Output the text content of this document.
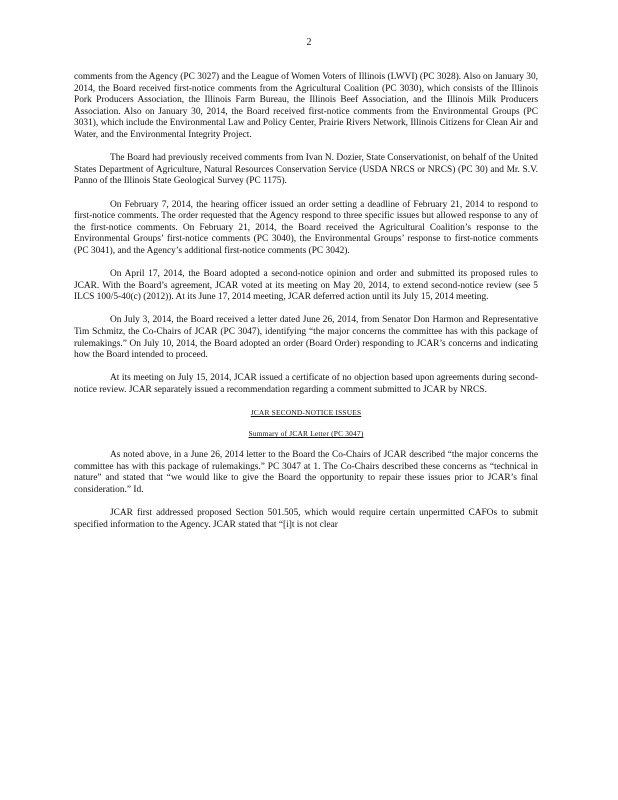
2

comments from the Agency (PC 3027) and the League of Women Voters of Illinois (LWVI) (PC 3028). Also on January 30, 2014, the Board received first-notice comments from the Agricultural Coalition (PC 3030), which consists of the Illinois Pork Producers Association, the Illinois Farm Bureau, the Illinois Beef Association, and the Illinois Milk Producers Association. Also on January 30, 2014, the Board received first-notice comments from the Environmental Groups (PC 3031), which include the Environmental Law and Policy Center, Prairie Rivers Network, Illinois Citizens for Clean Air and Water, and the Environmental Integrity Project.

The Board had previously received comments from Ivan N. Dozier, State Conservationist, on behalf of the United States Department of Agriculture, Natural Resources Conservation Service (USDA NRCS or NRCS) (PC 30) and Mr. S.V. Panno of the Illinois State Geological Survey (PC 1175).

On February 7, 2014, the hearing officer issued an order setting a deadline of February 21, 2014 to respond to first-notice comments. The order requested that the Agency respond to three specific issues but allowed response to any of the first-notice comments. On February 21, 2014, the Board received the Agricultural Coalition’s response to the Environmental Groups’ first-notice comments (PC 3040), the Environmental Groups’ response to first-notice comments (PC 3041), and the Agency’s additional first-notice comments (PC 3042).

On April 17, 2014, the Board adopted a second-notice opinion and order and submitted its proposed rules to JCAR. With the Board’s agreement, JCAR voted at its meeting on May 20, 2014, to extend second-notice review (see 5 ILCS 100/5-40(c) (2012)). At its June 17, 2014 meeting, JCAR deferred action until its July 15, 2014 meeting.

On July 3, 2014, the Board received a letter dated June 26, 2014, from Senator Don Harmon and Representative Tim Schmitz, the Co-Chairs of JCAR (PC 3047), identifying “the major concerns the committee has with this package of rulemakings.” On July 10, 2014, the Board adopted an order (Board Order) responding to JCAR’s concerns and indicating how the Board intended to proceed.

At its meeting on July 15, 2014, JCAR issued a certificate of no objection based upon agreements during second-notice review. JCAR separately issued a recommendation regarding a comment submitted to JCAR by NRCS.

JCAR SECOND-NOTICE ISSUES

Summary of JCAR Letter (PC 3047)

As noted above, in a June 26, 2014 letter to the Board the Co-Chairs of JCAR described “the major concerns the committee has with this package of rulemakings.” PC 3047 at 1. The Co-Chairs described these concerns as “technical in nature” and stated that “we would like to give the Board the opportunity to repair these issues prior to JCAR’s final consideration.” Id.

JCAR first addressed proposed Section 501.505, which would require certain unpermitted CAFOs to submit specified information to the Agency. JCAR stated that “[i]t is not clear
